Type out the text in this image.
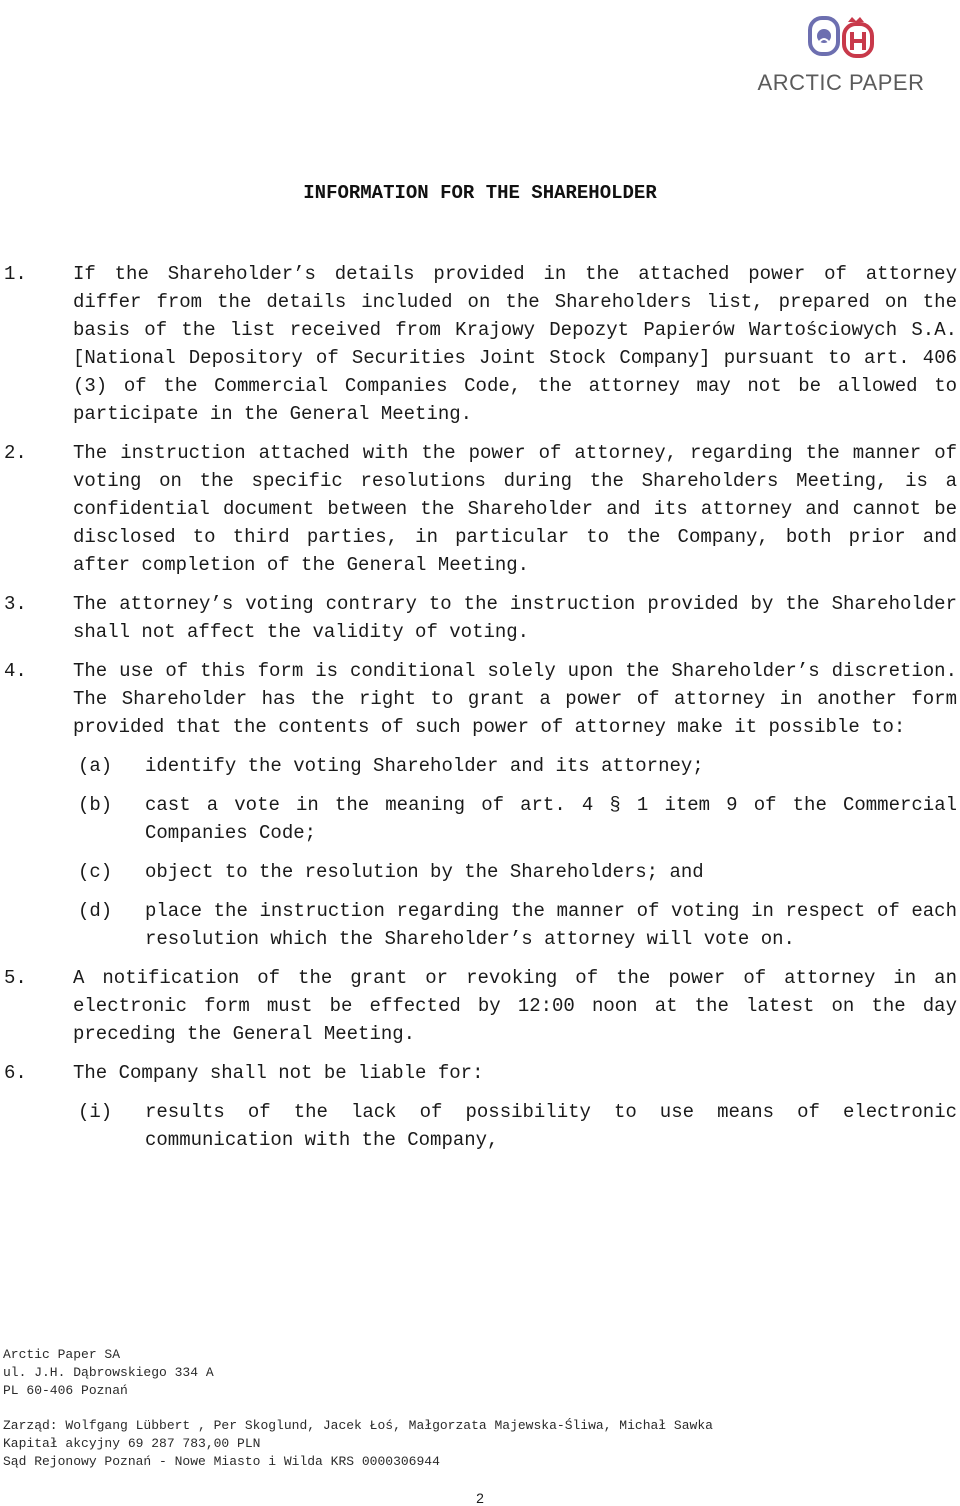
ARCTIC PAPER
INFORMATION FOR THE SHAREHOLDER
1. If the Shareholder’s details provided in the attached power of attorney differ from the details included on the Shareholders list, prepared on the basis of the list received from Krajowy Depozyt Papierów Wartościowych S.A. [National Depository of Securities Joint Stock Company] pursuant to art. 406 (3) of the Commercial Companies Code, the attorney may not be allowed to participate in the General Meeting.
2. The instruction attached with the power of attorney, regarding the manner of voting on the specific resolutions during the Shareholders Meeting, is a confidential document between the Shareholder and its attorney and cannot be disclosed to third parties, in particular to the Company, both prior and after completion of the General Meeting.
3. The attorney’s voting contrary to the instruction provided by the Shareholder shall not affect the validity of voting.
4. The use of this form is conditional solely upon the Shareholder’s discretion. The Shareholder has the right to grant a power of attorney in another form provided that the contents of such power of attorney make it possible to:
(a) identify the voting Shareholder and its attorney;
(b) cast a vote in the meaning of art. 4 § 1 item 9 of the Commercial Companies Code;
(c) object to the resolution by the Shareholders; and
(d) place the instruction regarding the manner of voting in respect of each resolution which the Shareholder’s attorney will vote on.
5. A notification of the grant or revoking of the power of attorney in an electronic form must be effected by 12:00 noon at the latest on the day preceding the General Meeting.
6. The Company shall not be liable for:
(i) results of the lack of possibility to use means of electronic communication with the Company,
Arctic Paper SA
ul. J.H. Dąbrowskiego 334 A
PL 60-406 Poznań
Zarząd: Wolfgang Lübbert , Per Skoglund, Jacek Łoś, Małgorzata Majewska-Śliwa, Michał Sawka
Kapitał akcyjny 69 287 783,00 PLN
Sąd Rejonowy Poznań - Nowe Miasto i Wilda KRS 0000306944
2
